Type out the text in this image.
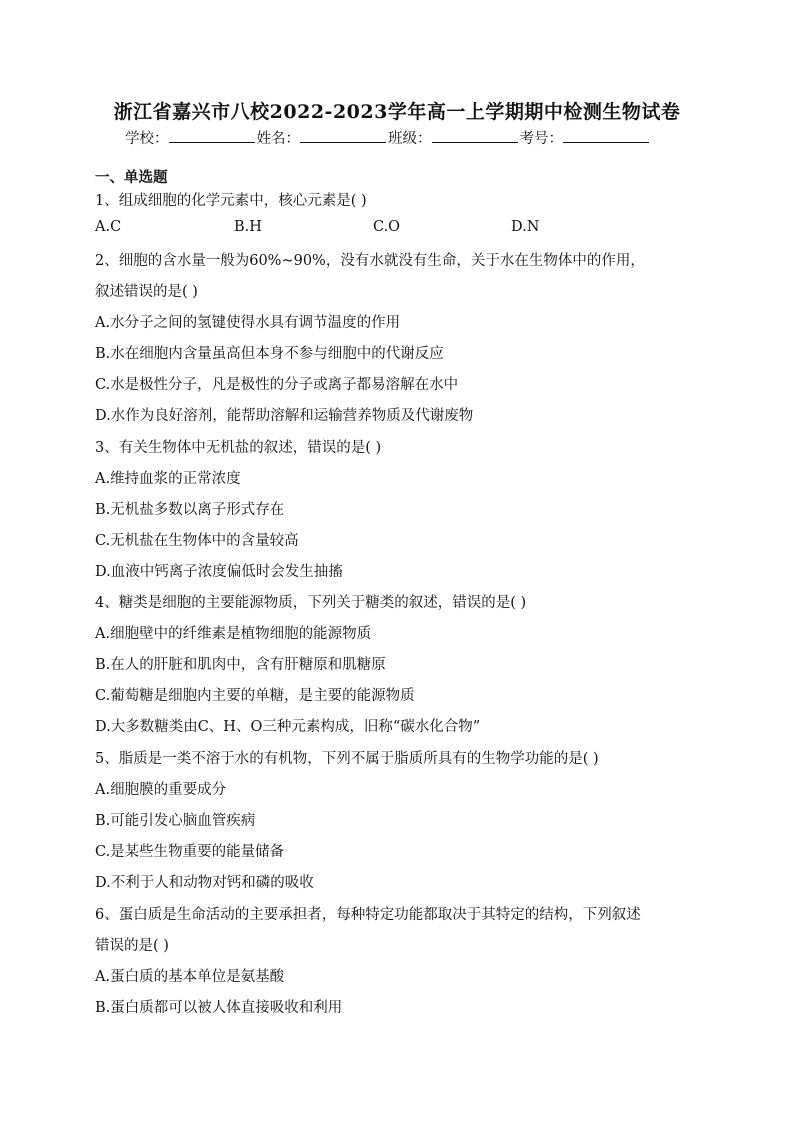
浙江省嘉兴市八校2022-2023学年高一上学期期中检测生物试卷
学校：	姓名：	班级：	考号：
一、单选题
1、组成细胞的化学元素中，核心元素是( )
A.C	B.H	C.O	D.N
2、细胞的含水量一般为60%~90%，没有水就没有生命，关于水在生物体中的作用，
叙述错误的是( )
A.水分子之间的氢键使得水具有调节温度的作用
B.水在细胞内含量虽高但本身不参与细胞中的代谢反应
C.水是极性分子，凡是极性的分子或离子都易溶解在水中
D.水作为良好溶剂，能帮助溶解和运输营养物质及代谢废物
3、有关生物体中无机盐的叙述，错误的是( )
A.维持血浆的正常浓度
B.无机盐多数以离子形式存在
C.无机盐在生物体中的含量较高
D.血液中钙离子浓度偏低时会发生抽搐
4、糖类是细胞的主要能源物质，下列关于糖类的叙述，错误的是( )
A.细胞壁中的纤维素是植物细胞的能源物质
B.在人的肝脏和肌肉中，含有肝糖原和肌糖原
C.葡萄糖是细胞内主要的单糖，是主要的能源物质
D.大多数糖类由C、H、O三种元素构成，旧称“碳水化合物”
5、脂质是一类不溶于水的有机物，下列不属于脂质所具有的生物学功能的是( )
A.细胞膜的重要成分
B.可能引发心脑血管疾病
C.是某些生物重要的能量储备
D.不利于人和动物对钙和磷的吸收
6、蛋白质是生命活动的主要承担者，每种特定功能都取决于其特定的结构，下列叙述
错误的是( )
A.蛋白质的基本单位是氨基酸
B.蛋白质都可以被人体直接吸收和利用
